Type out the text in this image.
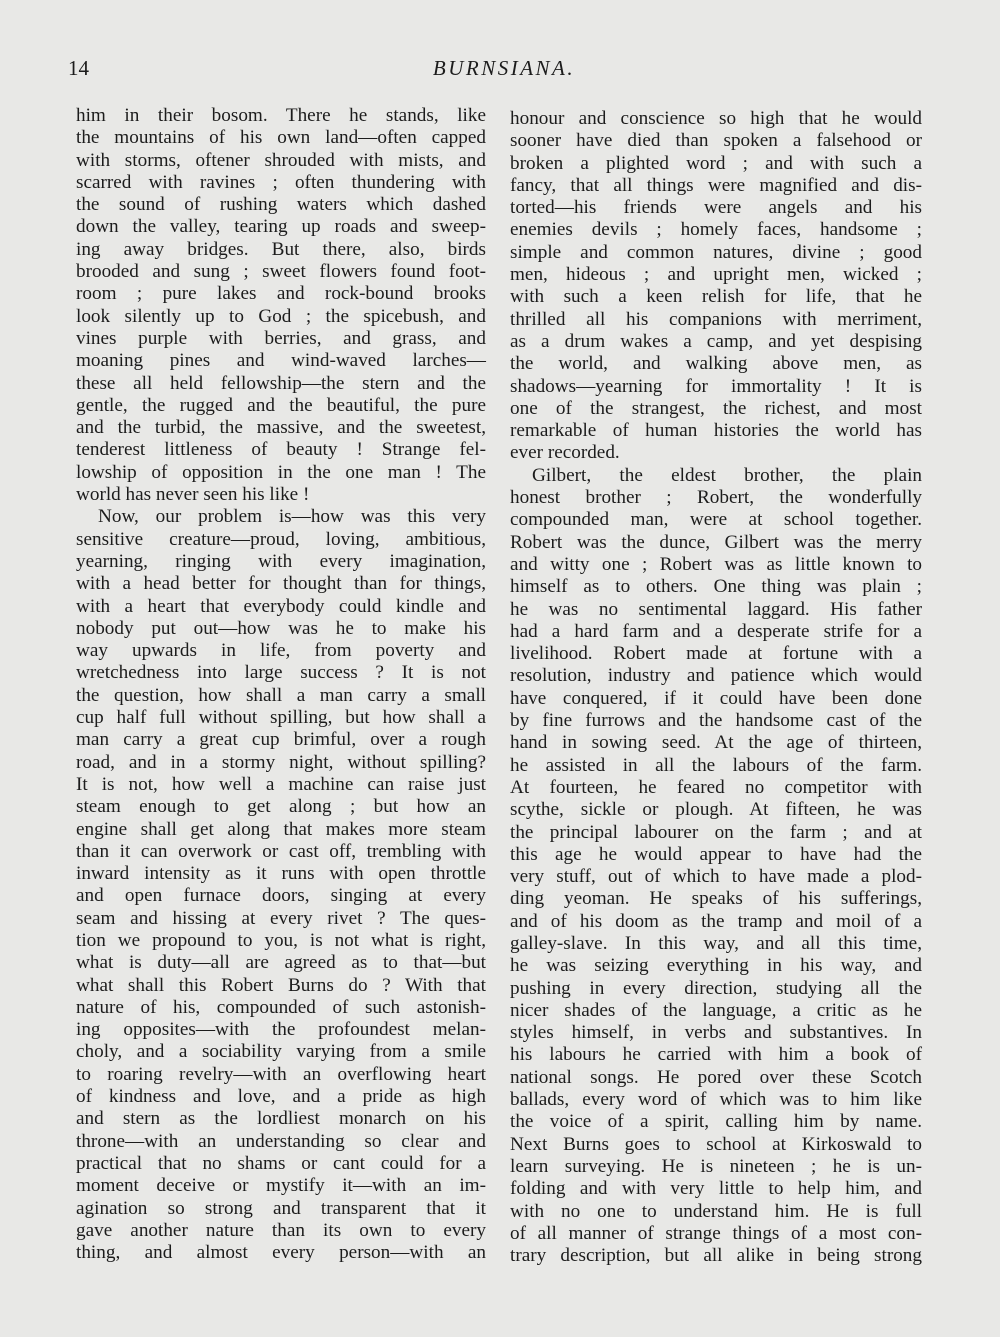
14	BURNSIANA.
him in their bosom. There he stands, like
the mountains of his own land—often capped
with storms, oftener shrouded with mists, and
scarred with ravines ; often thundering with
the sound of rushing waters which dashed
down the valley, tearing up roads and sweep-
ing away bridges. But there, also, birds
brooded and sung ; sweet flowers found foot-
room ; pure lakes and rock-bound brooks
look silently up to God ; the spicebush, and
vines purple with berries, and grass, and
moaning pines and wind-waved larches—
these all held fellowship—the stern and the
gentle, the rugged and the beautiful, the pure
and the turbid, the massive, and the sweetest,
tenderest littleness of beauty ! Strange fel-
lowship of opposition in the one man ! The
world has never seen his like !
Now, our problem is—how was this very
sensitive creature—proud, loving, ambitious,
yearning, ringing with every imagination,
with a head better for thought than for things,
with a heart that everybody could kindle and
nobody put out—how was he to make his
way upwards in life, from poverty and
wretchedness into large success ? It is not
the question, how shall a man carry a small
cup half full without spilling, but how shall a
man carry a great cup brimful, over a rough
road, and in a stormy night, without spilling?
It is not, how well a machine can raise just
steam enough to get along ; but how an
engine shall get along that makes more steam
than it can overwork or cast off, trembling with
inward intensity as it runs with open throttle
and open furnace doors, singing at every
seam and hissing at every rivet ? The ques-
tion we propound to you, is not what is right,
what is duty—all are agreed as to that—but
what shall this Robert Burns do ? With that
nature of his, compounded of such astonish-
ing opposites—with the profoundest melan-
choly, and a sociability varying from a smile
to roaring revelry—with an overflowing heart
of kindness and love, and a pride as high
and stern as the lordliest monarch on his
throne—with an understanding so clear and
practical that no shams or cant could for a
moment deceive or mystify it—with an im-
agination so strong and transparent that it
gave another nature than its own to every
thing, and almost every person—with an
honour and conscience so high that he would
sooner have died than spoken a falsehood or
broken a plighted word ; and with such a
fancy, that all things were magnified and dis-
torted—his friends were angels and his
enemies devils ; homely faces, handsome ;
simple and common natures, divine ; good
men, hideous ; and upright men, wicked ;
with such a keen relish for life, that he
thrilled all his companions with merriment,
as a drum wakes a camp, and yet despising
the world, and walking above men, as
shadows—yearning for immortality ! It is
one of the strangest, the richest, and most
remarkable of human histories the world has
ever recorded.
Gilbert, the eldest brother, the plain
honest brother ; Robert, the wonderfully
compounded man, were at school together.
Robert was the dunce, Gilbert was the merry
and witty one ; Robert was as little known to
himself as to others. One thing was plain ;
he was no sentimental laggard. His father
had a hard farm and a desperate strife for a
livelihood. Robert made at fortune with a
resolution, industry and patience which would
have conquered, if it could have been done
by fine furrows and the handsome cast of the
hand in sowing seed. At the age of thirteen,
he assisted in all the labours of the farm.
At fourteen, he feared no competitor with
scythe, sickle or plough. At fifteen, he was
the principal labourer on the farm ; and at
this age he would appear to have had the
very stuff, out of which to have made a plod-
ding yeoman. He speaks of his sufferings,
and of his doom as the tramp and moil of a
galley-slave. In this way, and all this time,
he was seizing everything in his way, and
pushing in every direction, studying all the
nicer shades of the language, a critic as he
styles himself, in verbs and substantives. In
his labours he carried with him a book of
national songs. He pored over these Scotch
ballads, every word of which was to him like
the voice of a spirit, calling him by name.
Next Burns goes to school at Kirkoswald to
learn surveying. He is nineteen ; he is un-
folding and with very little to help him, and
with no one to understand him. He is full
of all manner of strange things of a most con-
trary description, but all alike in being strong
